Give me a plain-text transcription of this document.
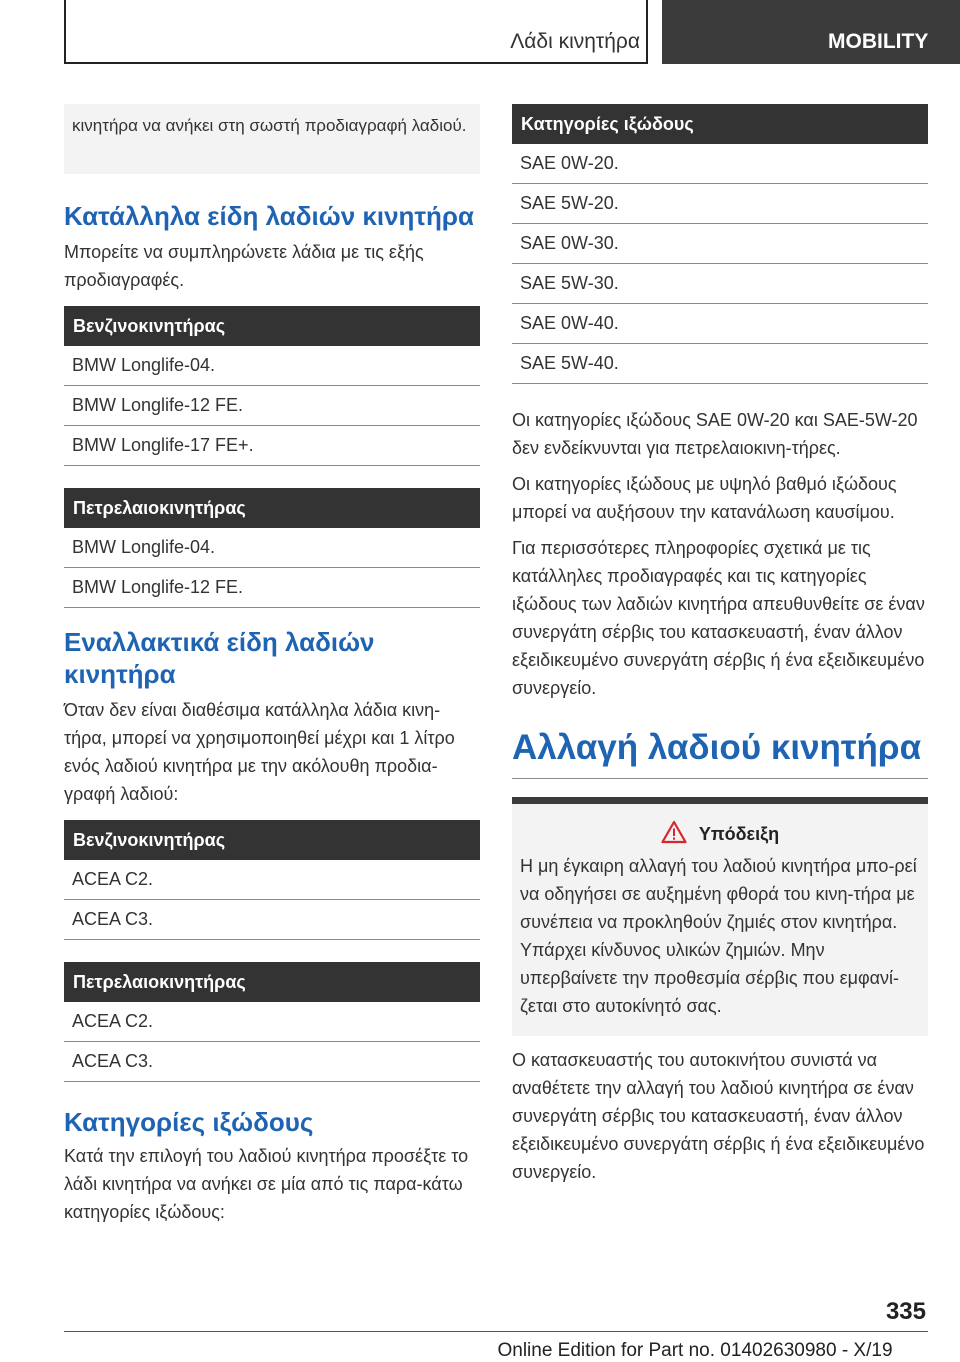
Λάδι κινητήρα	MOBILITY
κινητήρα να ανήκει στη σωστή προδιαγραφή λαδιού.
Κατάλληλα είδη λαδιών κινητήρα

Μπορείτε να συμπληρώνετε λάδια με τις εξής προδιαγραφές.

Βενζινοκινητήρας
BMW Longlife-04.
BMW Longlife-12 FE.
BMW Longlife-17 FE+.
Πετρελαιοκινητήρας
BMW Longlife-04.
BMW Longlife-12 FE.
Εναλλακτικά είδη λαδιών κινητήρα

Όταν δεν είναι διαθέσιμα κατάλληλα λάδια κινη-τήρα, μπορεί να χρησιμοποιηθεί μέχρι και 1 λίτρο ενός λαδιού κινητήρα με την ακόλουθη προδια-γραφή λαδιού:

Βενζινοκινητήρας
ACEA C2.
ACEA C3.
Πετρελαιοκινητήρας
ACEA C2.
ACEA C3.
Κατηγορίες ιξώδους

Κατά την επιλογή του λαδιού κινητήρα προσέξτε το λάδι κινητήρα να ανήκει σε μία από τις παρα-κάτω κατηγορίες ιξώδους:

Κατηγορίες ιξώδους
SAE 0W-20.
SAE 5W-20.
SAE 0W-30.
SAE 5W-30.
SAE 0W-40.
SAE 5W-40.

Οι κατηγορίες ιξώδους SAE 0W-20 και SAE-5W-20 δεν ενδείκνυνται για πετρελαιοκινη-τήρες.

Οι κατηγορίες ιξώδους με υψηλό βαθμό ιξώδους μπορεί να αυξήσουν την κατανάλωση καυσίμου.

Για περισσότερες πληροφορίες σχετικά με τις κατάλληλες προδιαγραφές και τις κατηγορίες ιξώδους των λαδιών κινητήρα απευθυνθείτε σε έναν συνεργάτη σέρβις του κατασκευαστή, έναν άλλον εξειδικευμένο συνεργάτη σέρβις ή ένα εξειδικευμένο συνεργείο.

Αλλαγή λαδιού κινητήρα
Υπόδειξη
Η μη έγκαιρη αλλαγή του λαδιού κινητήρα μπο-ρεί να οδηγήσει σε αυξημένη φθορά του κινη-τήρα με συνέπεια να προκληθούν ζημιές στον κινητήρα. Υπάρχει κίνδυνος υλικών ζημιών. Μην υπερβαίνετε την προθεσμία σέρβις που εμφανί-ζεται στο αυτοκίνητό σας.

Ο κατασκευαστής του αυτοκινήτου συνιστά να αναθέτετε την αλλαγή του λαδιού κινητήρα σε έναν συνεργάτη σέρβις του κατασκευαστή, έναν άλλον εξειδικευμένο συνεργάτη σέρβις ή ένα εξειδικευμένο συνεργείο.

335
Online Edition for Part no. 01402630980 - X/19
